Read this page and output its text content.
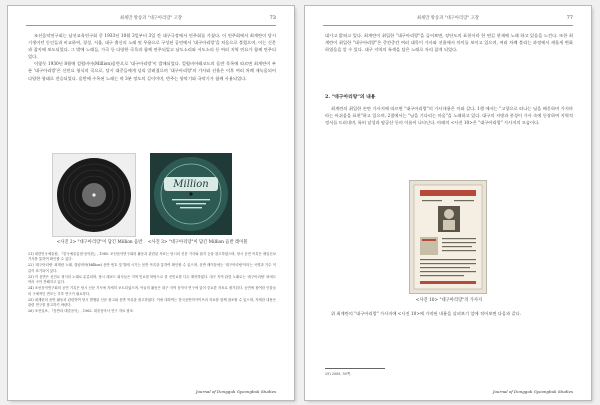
최세만 방송과 "대구아리랑" 고찰	73

조선음악연구회는 남선교육연구회 중 1933년 10월 3일부터 3일 간 대구극장에서 연주회를 가졌다. 이 연주회에서 최계란이 당시 기생이던 동인들과 비교하여, 경성, 서울, 대구 출신의 노래 및 무용으로 구성된 공연에서 '대구아리랑'을 처음으로 불렀으며, 이는 신문과 잡지에 보도되었다. 그 밖에 노래들, 가곡 등 다양한 곡목과 함께 연주되었고 남도소리와 서도소리 등 여러 지역 민요가 함께 연주되었다.

이렇듯 1930년 8월에 컬럼비아(Million)음반으로 '대구아리랑'이 발매되었다. 컬럼비아레코드의 음반 목록에 따르면 최계란이 부른 '대구아리랑'은 신민요 형식의 곡으로, 당시 대중들에게 널리 알려졌으며 '대구아리랑'의 가사와 선율은 이후 여러 차례 재녹음되어 다양한 형태로 전승되었다. 음반에 수록된 노래는 약 3분 정도의 길이이며, 반주는 양악기와 국악기가 함께 사용되었다.

Million
<사진 2> "대구아리랑"이 담긴 Million 음반 <사진 3> "대구아리랑"이 담긴 Million 음반 레이블

21) 대한민국예술원, 『한국예술총집-음악편』, 1985. 조선음악연구회의 활동과 관련된 자료는 당시의 신문 기사와 잡지 등을 참고하였으며, 당시 공연 목록은 매일신보 기사를 통하여 확인할 수 있다.

22) '대구아리랑' 최계란 노래, 컬럼비아(Million) 음반 번호 및 발매 시기는 음반 목록을 통하여 확인할 수 있으며, 음반 레이블에는 '대구아리랑'이라는 곡명과 가수 이름이 표기되어 있다.

23) 이 음반은 신민요 형식의 노래로 분류되며, 당시 레코드 회사들은 지역 민요를 바탕으로 한 신민요를 다수 제작하였다. 대구 지역 관련 노래로는 '대구아리랑' 외에도 여러 곡이 전해지고 있다.

24) 조선음악연구회의 공연 기록은 당시 신문 기사에 자세히 보도되었으며, 이들의 활동은 대구 지역 음악사 연구에 있어 중요한 자료로 평가된다. 공연에 참여한 인물들의 구체적인 면모는 추후 연구가 필요하다.

25) 최계란의 음반 활동과 관련하여 당시 발행된 신문 광고와 음반 목록을 참고하였다. 이에 대하여는 한국음반아카이브의 자료를 함께 참조할 수 있으며, 자세한 내용은 관련 연구를 참고하기 바란다.

26) 조선일보, 『음반과 대중음악』, 1962. 대중음악사 연구 자료 참조.

Journal of Dongguk Gyeongbuk Studies
최세만 방송과 "대구아리랑" 고찰	77

대가고 밝혀고 있다. 최계란이 취입한 "대구아리랑"을 들어보면, 장단도의 표현이라 한 면길 현재에 노래 하고 있음을 느낀다. 또한 최계란이 취입한 "대구아리랑"은 중간중간 여러 대목이 가사와 선율에서 차이를 보이고 있으며, 여러 차례 불리는 과정에서 새롭게 변화하였음을 알 수 있다. 대구 지역의 특색을 담은 노래로 자리 잡게 되었다.

2. "대구아리랑"의 내용

최계란의 취입한 손만 가사지에 따르면 "대구아리랑"의 가사내용은 이와 같다. 1행 에서는 "고향으로 떠나는 님을 배웅하며 가지마라는 아쉬움을 표현"하고 있으며, 2절에서는 "님을 기다리는 마음"을 노래하고 있다. 대구의 지명과 풍경이 가사 속에 등장하여 지역적 정서를 드러내며, 특히 달성과 팔공산 등의 이름이 나타난다. 아래의 <사진 10>은 "대구아리랑" 가사지의 모습이다.

<사진 10> "대구아리랑"의 가사지

위 최계란의 "대구아리랑" 가사지에 <사진 10>에 가작된 내용을 살펴보기 앞에 적어보면 다음과 같다.

29) 2009, 50쪽.

Journal of Dongguk Gyeongbuk Studies
